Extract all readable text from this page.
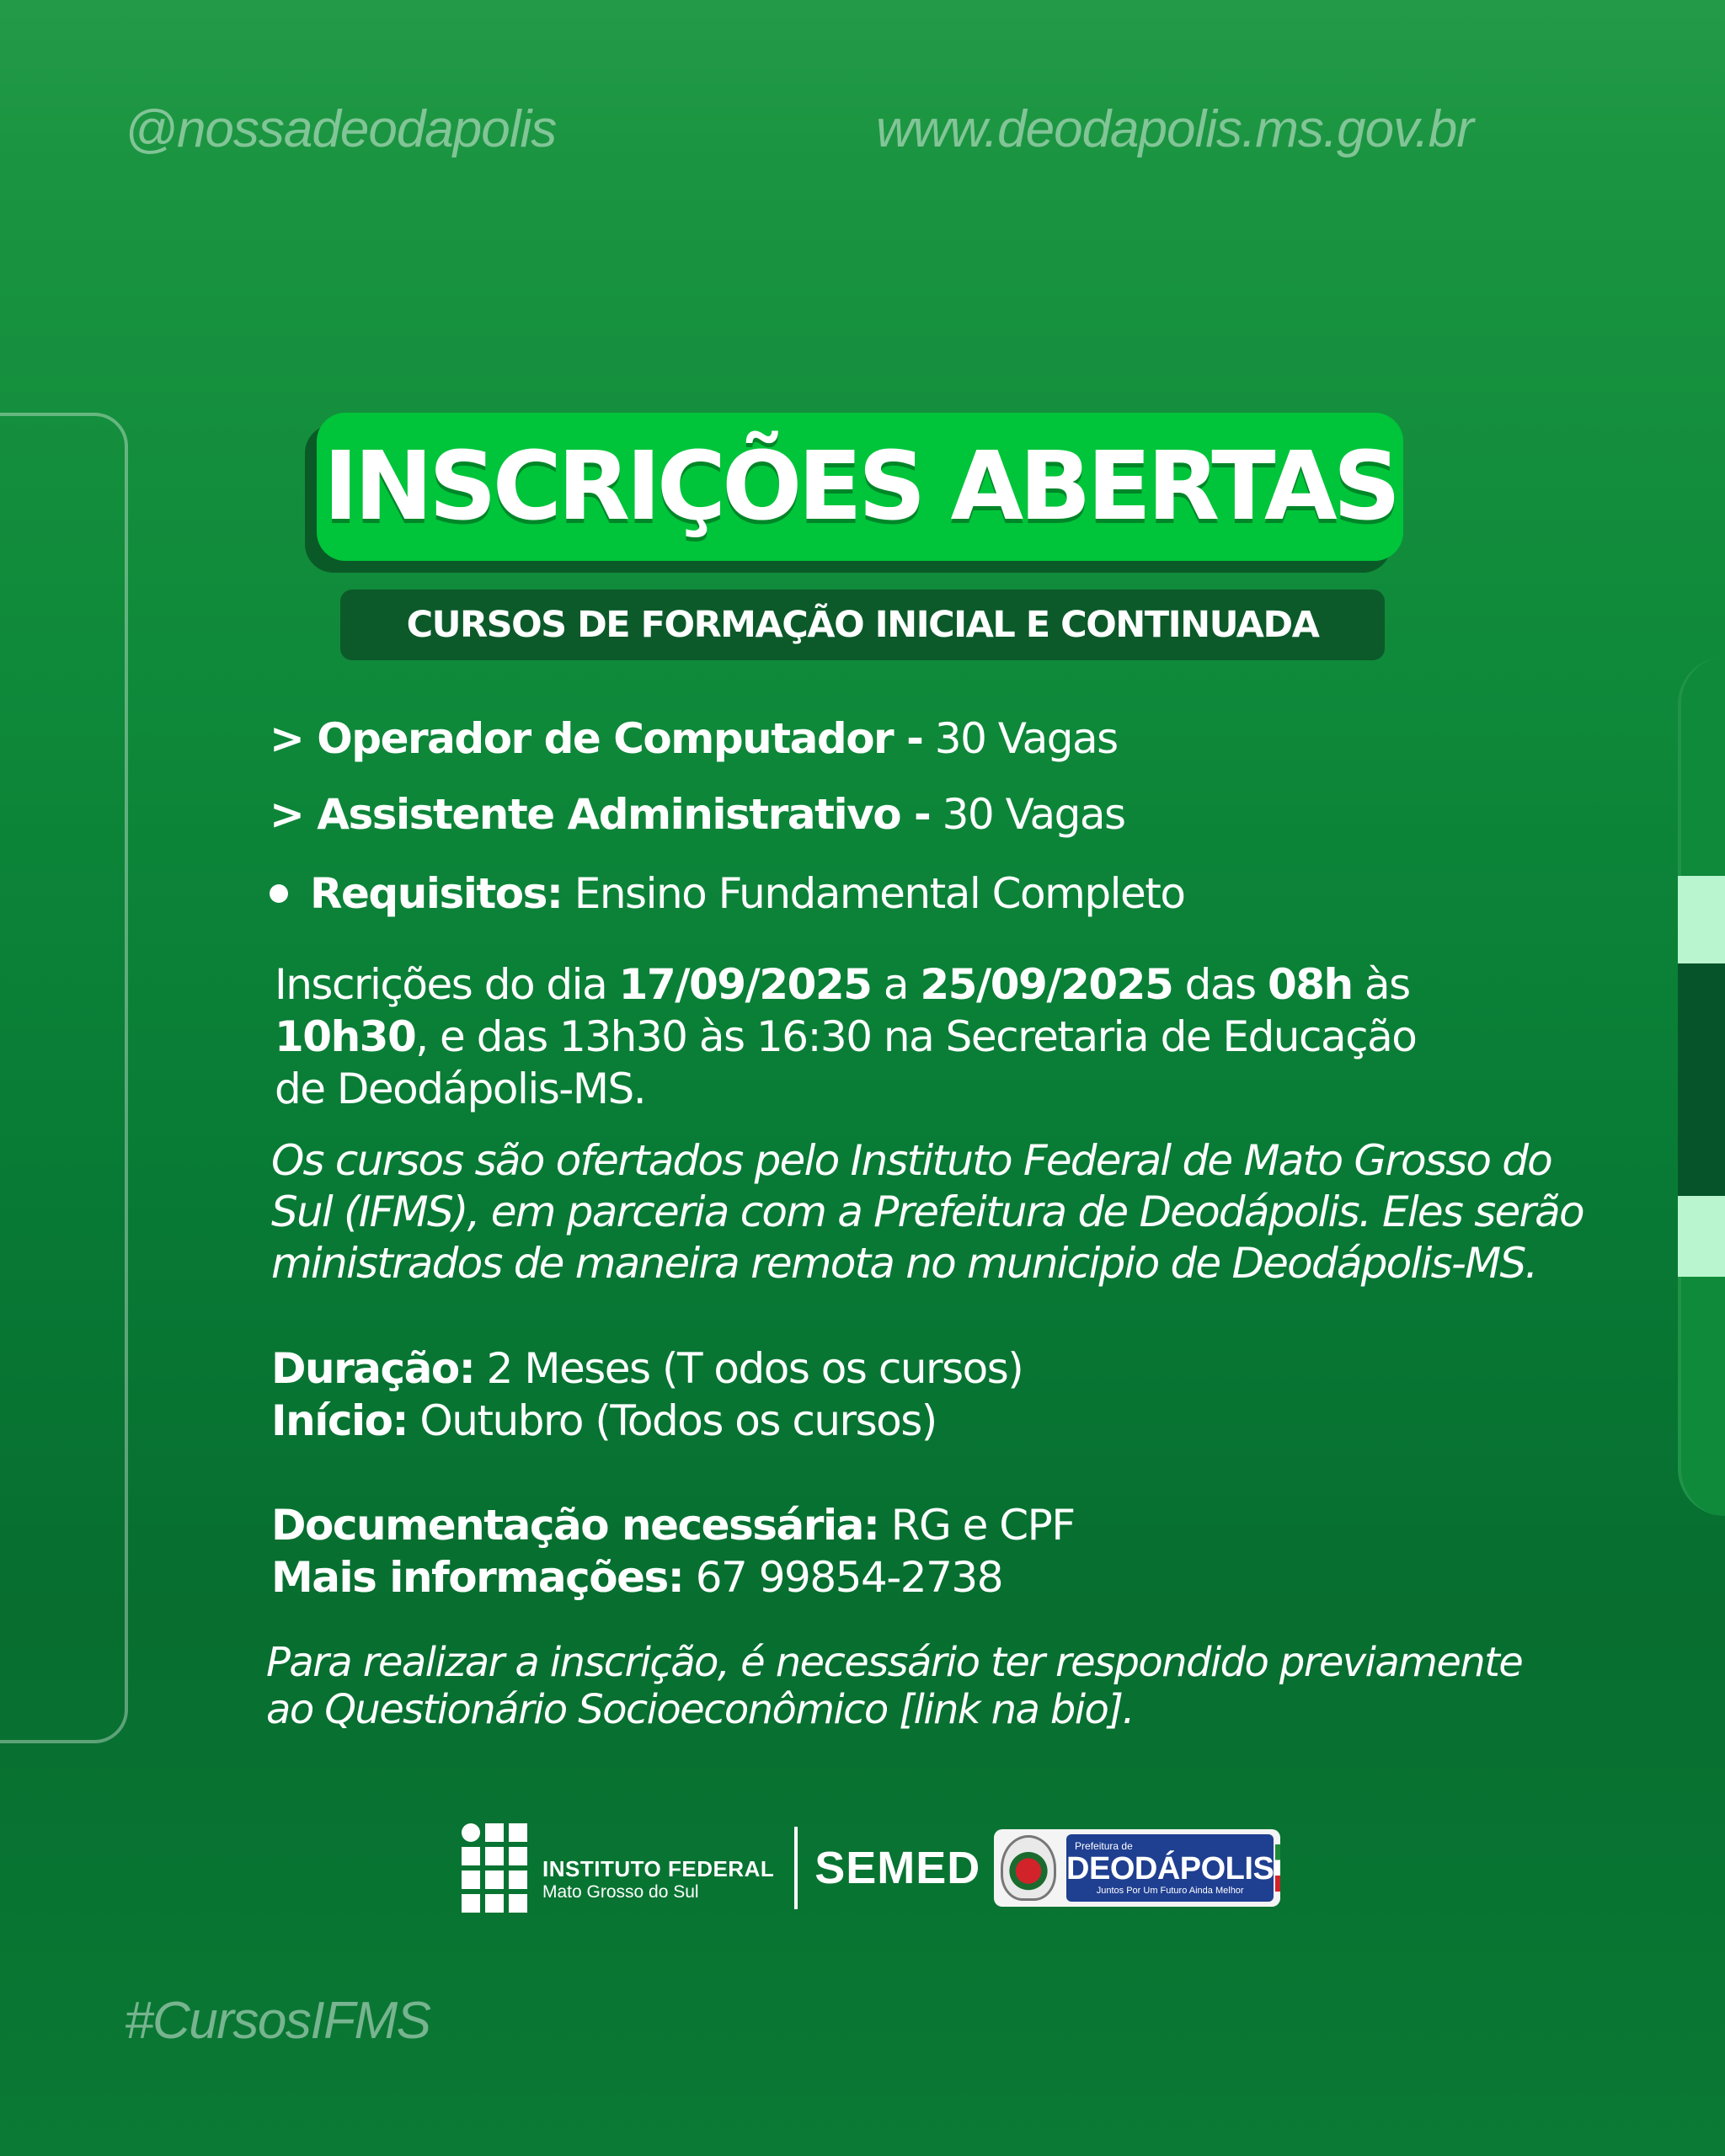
@nossadeodapolis	www.deodapolis.ms.gov.br
INSCRIÇÕES ABERTAS
CURSOS DE FORMAÇÃO INICIAL E CONTINUADA
> Operador de Computador - 30 Vagas
> Assistente Administrativo - 30 Vagas
Requisitos: Ensino Fundamental Completo
Inscrições do dia 17/09/2025 a 25/09/2025 das 08h às
10h30, e das 13h30 às 16:30 na Secretaria de Educação de Deodápolis-MS.
Os cursos são ofertados pelo Instituto Federal de Mato Grosso do Sul (IFMS), em parceria com a Prefeitura de Deodápolis. Eles serão ministrados de maneira remota no municipio de Deodápolis-MS.
Duração: 2 Meses (T odos os cursos)
Início: Outubro (Todos os cursos)
Documentação necessária: RG e CPF
Mais informações: 67 99854-2738
Para realizar a inscrição, é necessário ter respondido previamente ao Questionário Socioeconômico [link na bio].
INSTITUTO FEDERAL
Mato Grosso do Sul	SEMED	Prefeitura de
DEODÁPOLIS
Juntos Por Um Futuro Ainda Melhor
#CursosIFMS
